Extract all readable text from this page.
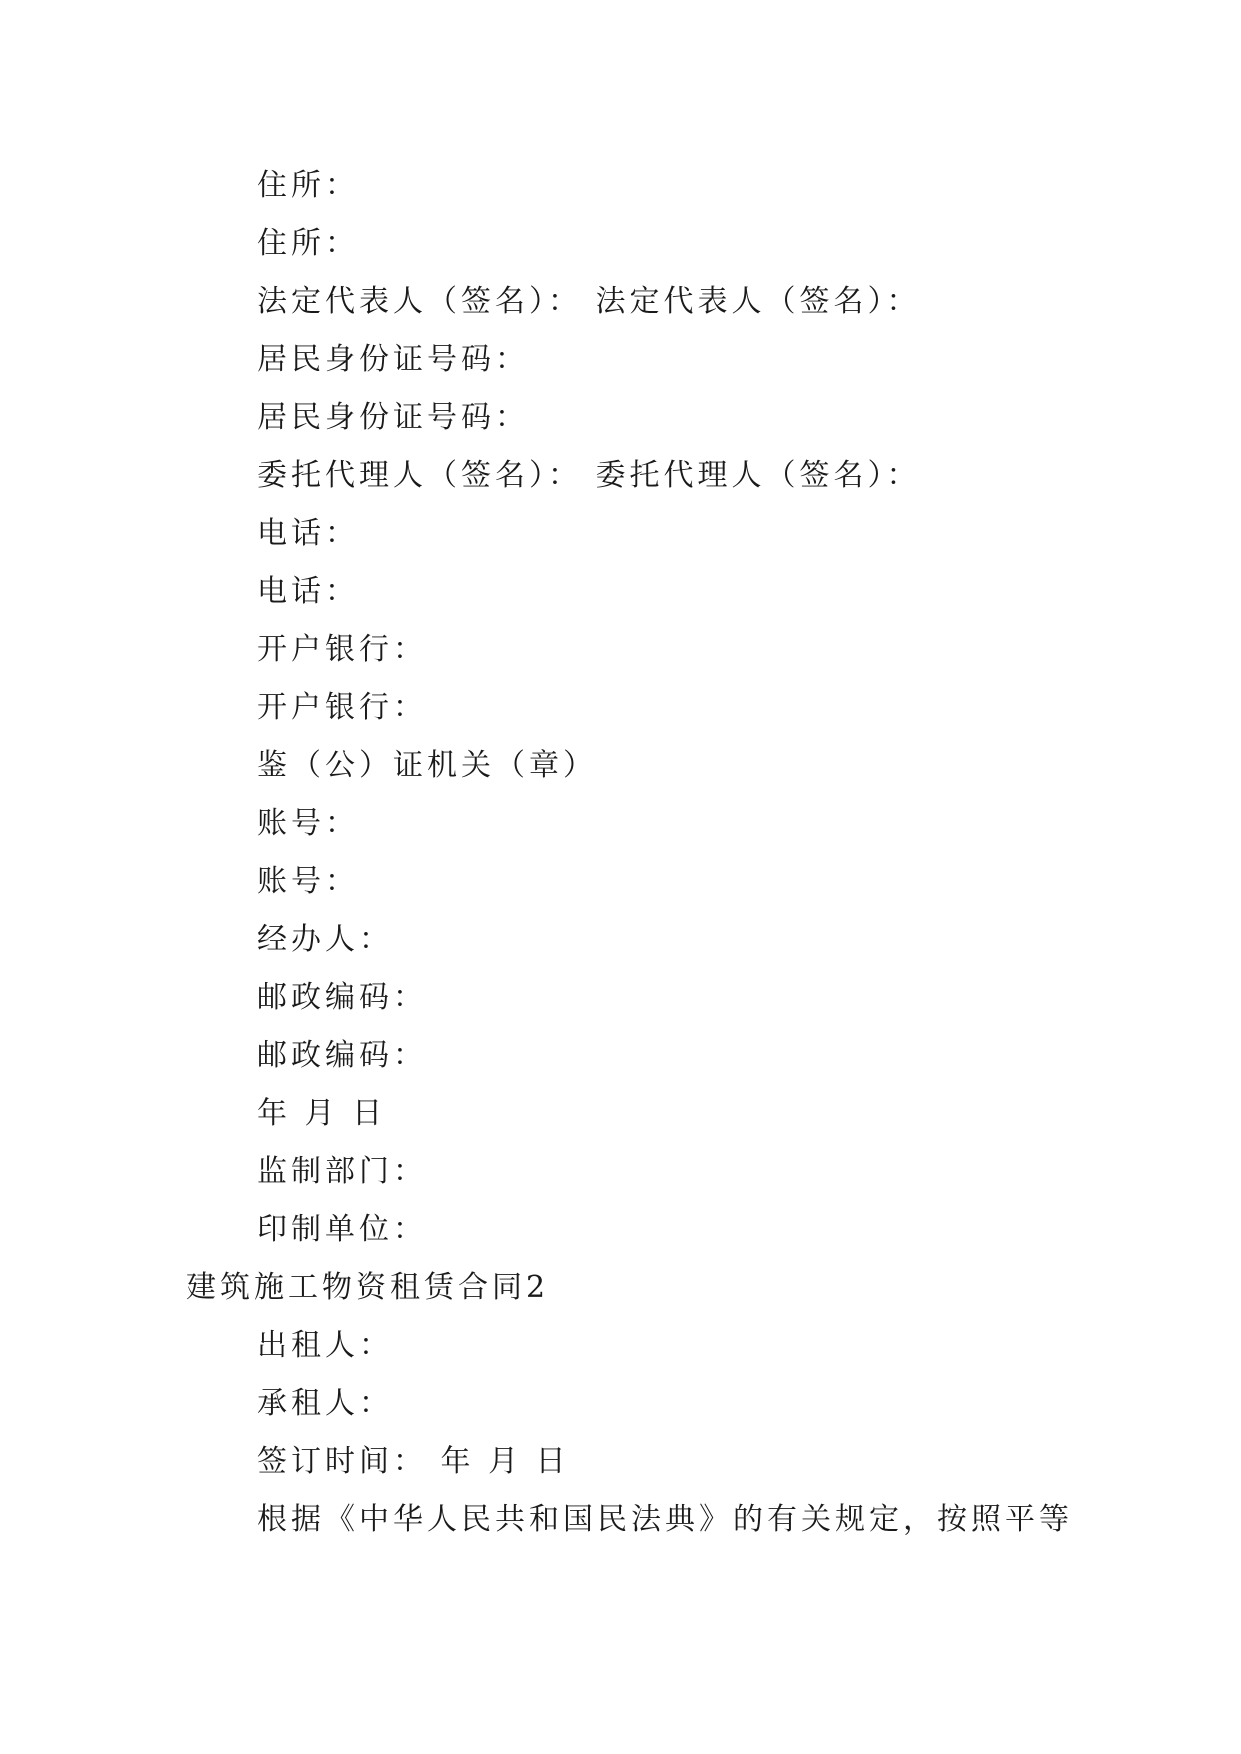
住所：
住所：
法定代表人（签名）： 法定代表人（签名）：
居民身份证号码：
居民身份证号码：
委托代理人（签名）： 委托代理人（签名）：
电话：
电话：
开户银行：
开户银行：
鉴（公）证机关（章）
账号：
账号：
经办人：
邮政编码：
邮政编码：
年 月 日
监制部门：
印制单位：
建筑施工物资租赁合同2
出租人：
承租人：
签订时间： 年 月 日
根据《中华人民共和国民法典》的有关规定，按照平等
